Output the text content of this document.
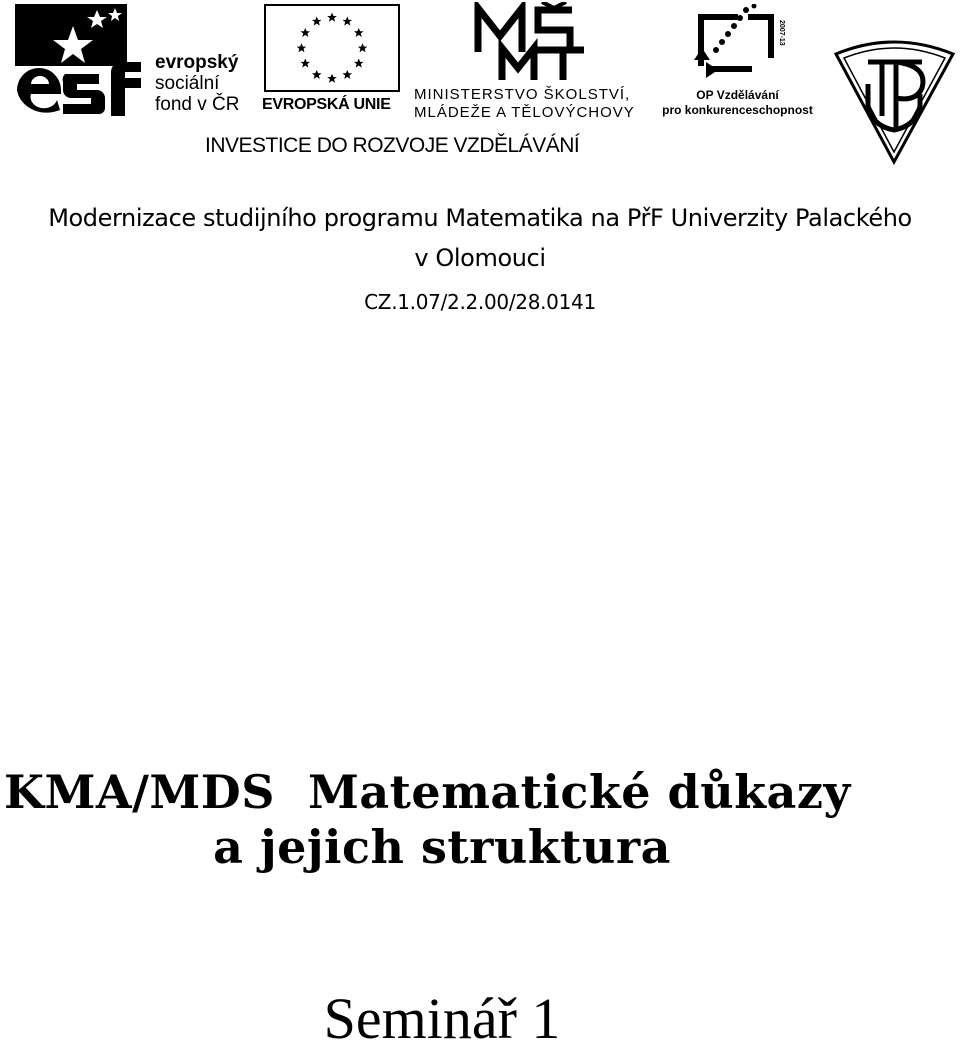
evropský
sociální
fond v ČR EVROPSKÁ UNIE
MINISTERSTVO ŠKOLSTVÍ,
MLÁDEŽE A TĚLOVÝCHOVY
2007-13
OP Vzdělávání
pro konkurenceschopnost
INVESTICE DO ROZVOJE VZDĚLÁVÁNÍ
Modernizace studijního programu Matematika na PřF Univerzity Palackého
v Olomouci
CZ.1.07/2.2.00/28.0141
KMA/MDS  Matematické důkazy
a jejich struktura
Seminář 1
